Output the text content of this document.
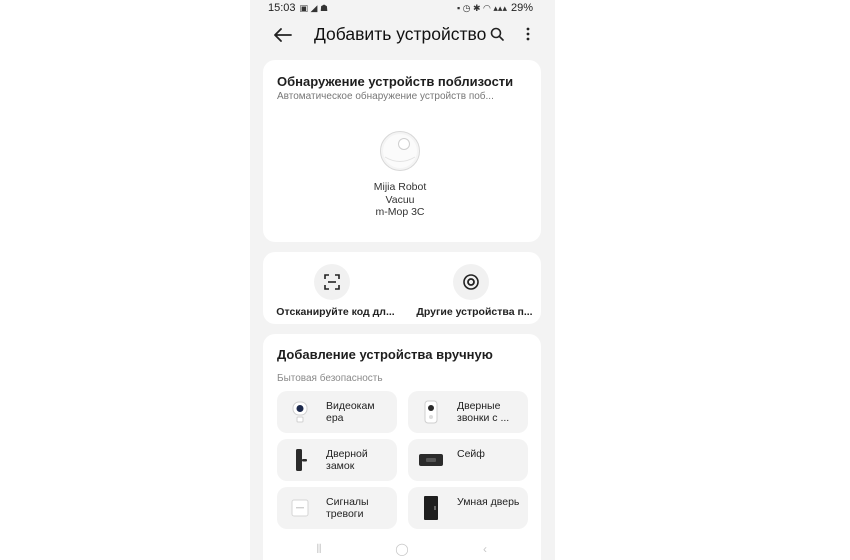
15:03 ▣ ◢ ☗	▪ ◷ ✱ ◠ ▴▴▴ 29%
Добавить устройство
Обнаружение устройств поблизости
Автоматическое обнаружение устройств поб...
Mijia Robot
Vacuu
m-Mop 3C
Отсканируйте код дл...	Другие устройства п...
Добавление устройства вручную
Бытовая безопасность
Видеокам ера
Дверные звонки с ...
Дверной замок
Сейф
Сигналы тревоги
Умная дверь
⦀	◯	‹
